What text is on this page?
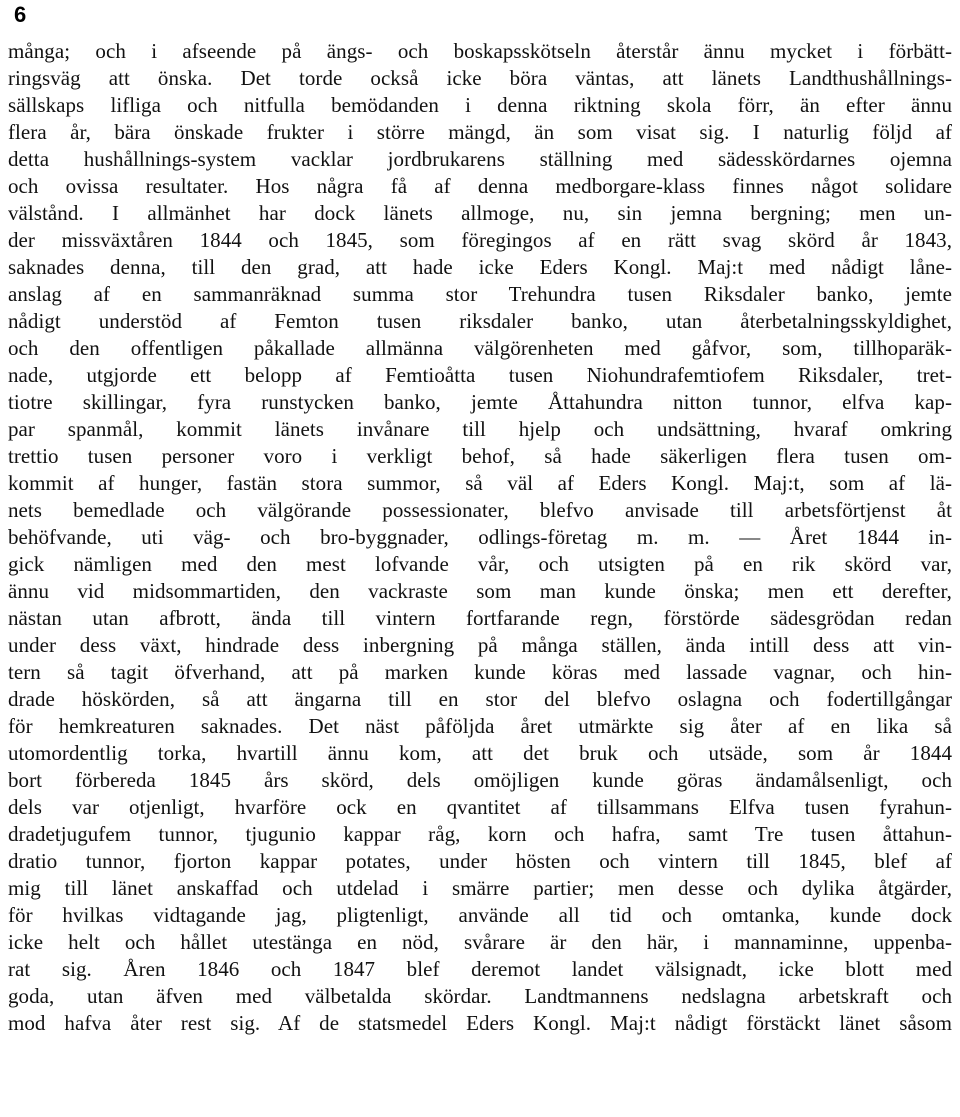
6
många; och i afseende på ängs- och boskapsskötseln återstår ännu mycket i förbätt-
ringsväg att önska. Det torde också icke böra väntas, att länets Landthushållnings-
sällskaps lifliga och nitfulla bemödanden i denna riktning skola förr, än efter ännu
flera år, bära önskade frukter i större mängd, än som visat sig. I naturlig följd af
detta hushållnings-system vacklar jordbrukarens ställning med sädesskördarnes ojemna
och ovissa resultater. Hos några få af denna medborgare-klass finnes något solidare
välstånd. I allmänhet har dock länets allmoge, nu, sin jemna bergning; men un-
der missväxtåren 1844 och 1845, som föregingos af en rätt svag skörd år 1843,
saknades denna, till den grad, att hade icke Eders Kongl. Maj:t med nådigt låne-
anslag af en sammanräknad summa stor Trehundra tusen Riksdaler banko, jemte
nådigt understöd af Femton tusen riksdaler banko, utan återbetalningsskyldighet,
och den offentligen påkallade allmänna välgörenheten med gåfvor, som, tillhoparäk-
nade, utgjorde ett belopp af Femtioåtta tusen Niohundrafemtiofem Riksdaler, tret-
tiotre skillingar, fyra runstycken banko, jemte Åttahundra nitton tunnor, elfva kap-
par spanmål, kommit länets invånare till hjelp och undsättning, hvaraf omkring
trettio tusen personer voro i verkligt behof, så hade säkerligen flera tusen om-
kommit af hunger, fastän stora summor, så väl af Eders Kongl. Maj:t, som af lä-
nets bemedlade och välgörande possessionater, blefvo anvisade till arbetsförtjenst åt
behöfvande, uti väg- och bro-byggnader, odlings-företag m. m. — Året 1844 in-
gick nämligen med den mest lofvande vår, och utsigten på en rik skörd var,
ännu vid midsommartiden, den vackraste som man kunde önska; men ett derefter,
nästan utan afbrott, ända till vintern fortfarande regn, förstörde sädesgrödan redan
under dess växt, hindrade dess inbergning på många ställen, ända intill dess att vin-
tern så tagit öfverhand, att på marken kunde köras med lassade vagnar, och hin-
drade höskörden, så att ängarna till en stor del blefvo oslagna och fodertillgångar
för hemkreaturen saknades. Det näst påföljda året utmärkte sig åter af en lika så
utomordentlig torka, hvartill ännu kom, att det bruk och utsäde, som år 1844
bort förbereda 1845 års skörd, dels omöjligen kunde göras ändamålsenligt, och
dels var otjenligt, hvarföre ock en qvantitet af tillsammans Elfva tusen fyrahun-
dradetjugufem tunnor, tjugunio kappar råg, korn och hafra, samt Tre tusen åttahun-
dratio tunnor, fjorton kappar potates, under hösten och vintern till 1845, blef af
mig till länet anskaffad och utdelad i smärre partier; men desse och dylika åtgärder,
för hvilkas vidtagande jag, pligtenligt, använde all tid och omtanka, kunde dock
icke helt och hållet utestänga en nöd, svårare är den här, i mannaminne, uppenba-
rat sig. Åren 1846 och 1847 blef deremot landet välsignadt, icke blott med
goda, utan äfven med välbetalda skördar. Landtmannens nedslagna arbetskraft och
mod hafva åter rest sig. Af de statsmedel Eders Kongl. Maj:t nådigt förstäckt länet såsom
